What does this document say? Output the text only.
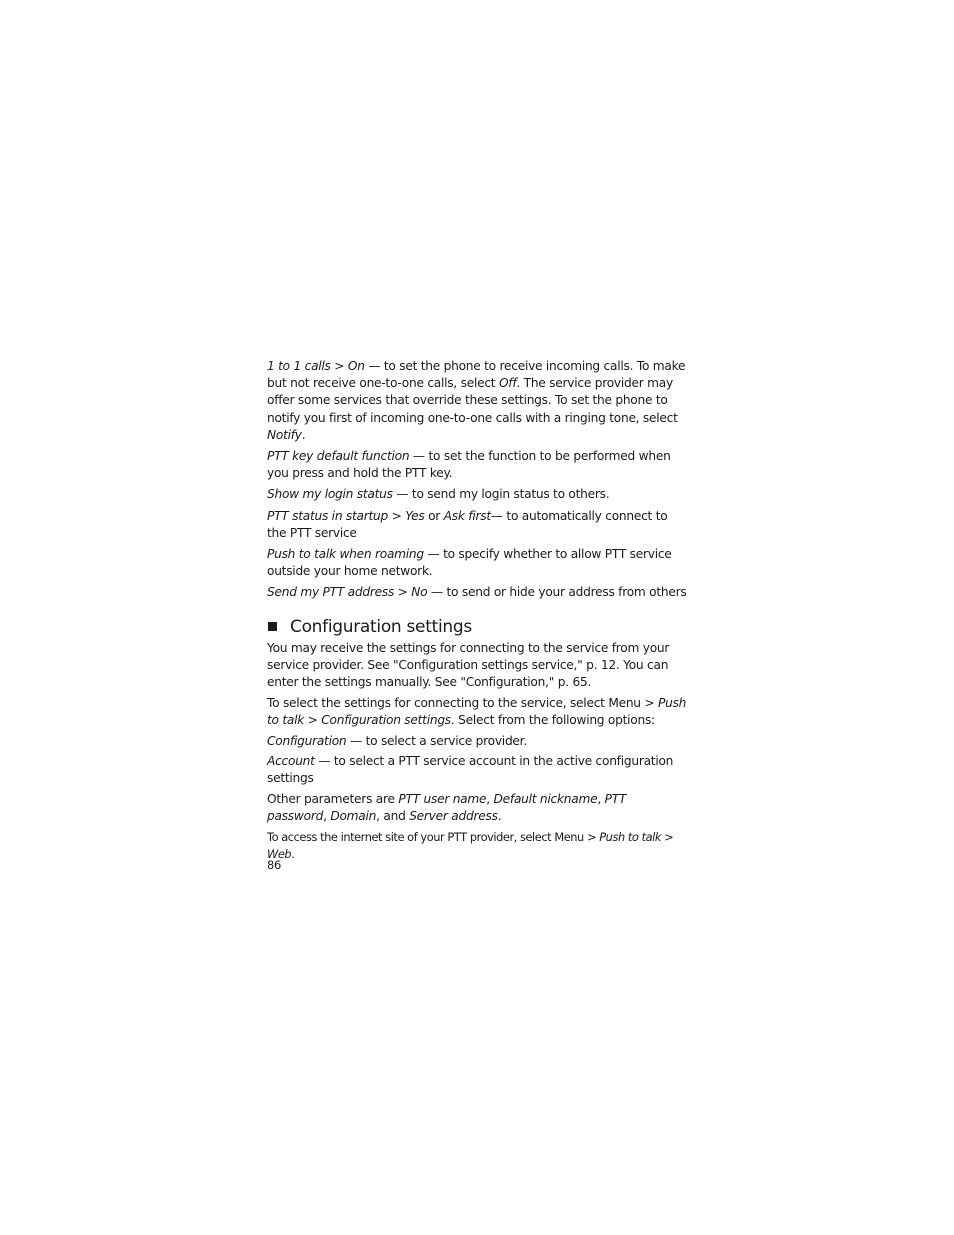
1 to 1 calls > On — to set the phone to receive incoming calls. To make but not receive one-to-one calls, select Off. The service provider may offer some services that override these settings. To set the phone to notify you first of incoming one-to-one calls with a ringing tone, select Notify.

PTT key default function — to set the function to be performed when you press and hold the PTT key.

Show my login status — to send my login status to others.

PTT status in startup > Yes or Ask first— to automatically connect to the PTT service

Push to talk when roaming — to specify whether to allow PTT service outside your home network.

Send my PTT address > No — to send or hide your address from others

Configuration settings

You may receive the settings for connecting to the service from your service provider. See "Configuration settings service," p. 12. You can enter the settings manually. See "Configuration," p. 65.

To select the settings for connecting to the service, select Menu > Push to talk > Configuration settings. Select from the following options:

Configuration — to select a service provider.

Account — to select a PTT service account in the active configuration settings

Other parameters are PTT user name, Default nickname, PTT password, Domain, and Server address.

To access the internet site of your PTT provider, select Menu > Push to talk > Web.

86
